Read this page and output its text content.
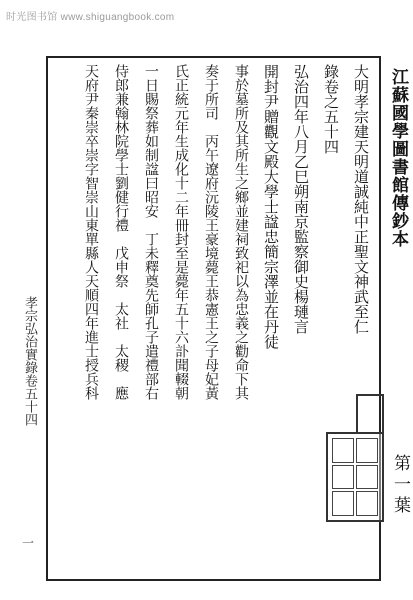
时光图书馆 www.shiguangbook.com
江蘇國學圖書館傳鈔本
第一葉
孝宗弘治實錄卷五十四
一
大明孝宗建天明道誠純中正聖文神武至仁
錄卷之五十四
弘治四年八月乙巳朔南京監察御史楊璉言
開封尹贈觀文殿大學士諡忠簡宗澤並在丹徒
事於墓所及其所生之鄉並建祠致祀以為忠義之勸命下其
奏于所司　丙午遼府沅陵王豪境薨王恭憲王之子母妃黃
氏正統元年生成化十二年冊封至是薨年五十六訃聞輟朝
一日賜祭葬如制諡曰昭安　丁未釋奠先師孔子遣禮部右
侍郎兼翰林院學士劉健行禮　戊申祭　太社　太稷　應
天府尹秦崇卒崇字智崇山東單縣人天順四年進士授兵科
